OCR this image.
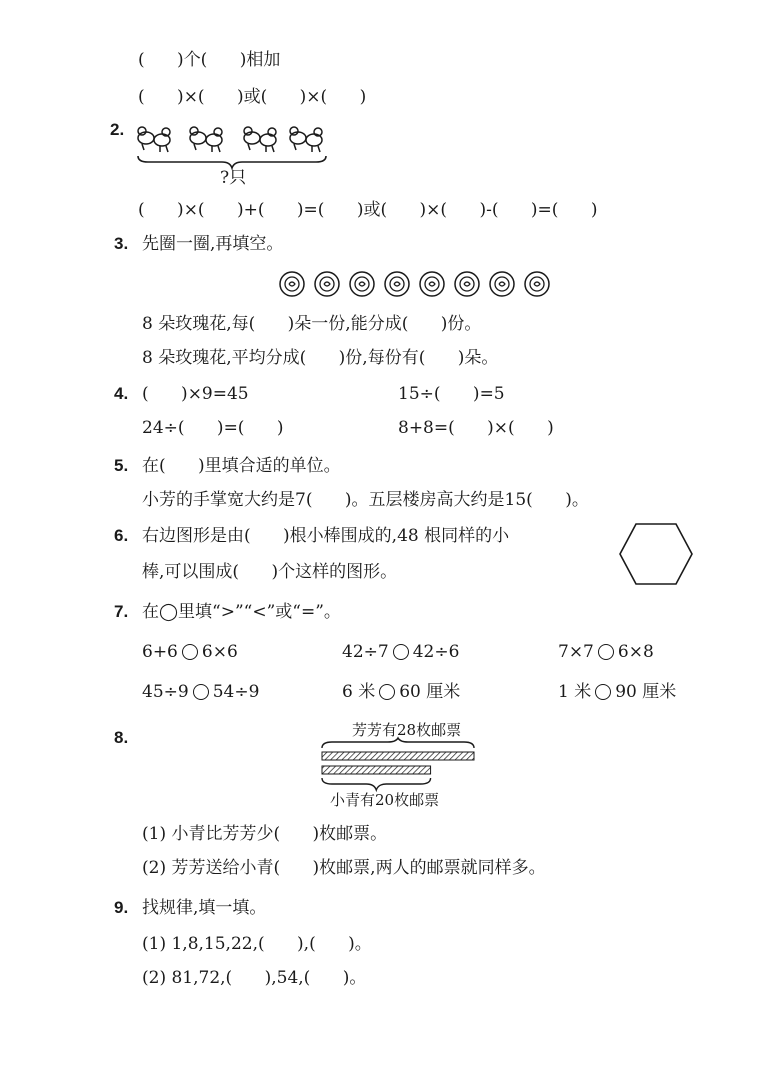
(      )个(      )相加
(      )×(      )或(      )×(      )
2.
?只
(      )×(      )+(      )=(      )或(      )×(      )-(      )=(      )
3. 先圈一圈,再填空。
8 朵玫瑰花,每(      )朵一份,能分成(      )份。
8 朵玫瑰花,平均分成(      )份,每份有(      )朵。
4. (      )×9=45	15÷(      )=5
24÷(      )=(      )	8+8=(      )×(      )
5. 在(      )里填合适的单位。
小芳的手掌宽大约是7(      )。五层楼房高大约是15(      )。
6. 右边图形是由(      )根小棒围成的,48 根同样的小
棒,可以围成(      )个这样的图形。
7. 在◯里填“>”“<”或“=”。
6+6 6×6	42÷7 42÷6	7×7 6×8
45÷9 54÷9	6 米 60 厘米	1 米 90 厘米
8.	芳芳有28枚邮票
小青有20枚邮票
(1) 小青比芳芳少(      )枚邮票。
(2) 芳芳送给小青(      )枚邮票,两人的邮票就同样多。
9. 找规律,填一填。
(1) 1,8,15,22,(      ),(      )。
(2) 81,72,(      ),54,(      )。
